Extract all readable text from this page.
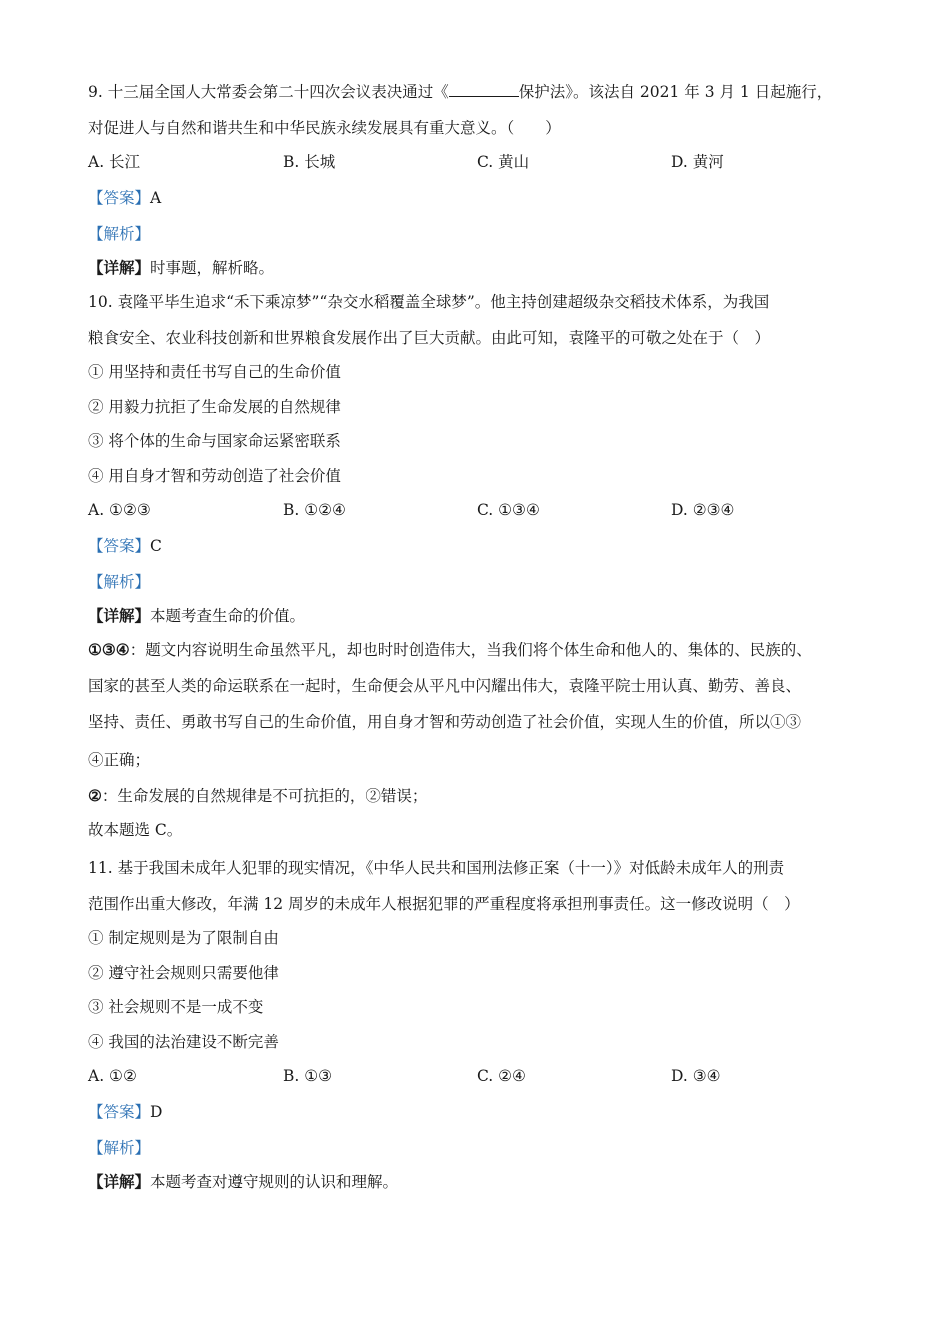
9. 十三届全国人大常委会第二十四次会议表决通过《	保护法》。该法自 2021 年 3 月 1 日起施行，
对促进人与自然和谐共生和中华民族永续发展具有重大意义。（　　）
A. 长江	B. 长城	C. 黄山	D. 黄河
【答案】A
【解析】
【详解】时事题，解析略。
10. 袁隆平毕生追求“禾下乘凉梦”“杂交水稻覆盖全球梦”。他主持创建超级杂交稻技术体系，为我国
粮食安全、农业科技创新和世界粮食发展作出了巨大贡献。由此可知，袁隆平的可敬之处在于（　）
① 用坚持和责任书写自己的生命价值
② 用毅力抗拒了生命发展的自然规律
③ 将个体的生命与国家命运紧密联系
④ 用自身才智和劳动创造了社会价值
A. ①②③	B. ①②④	C. ①③④	D. ②③④
【答案】C
【解析】
【详解】本题考查生命的价值。
①③④：题文内容说明生命虽然平凡，却也时时创造伟大，当我们将个体生命和他人的、集体的、民族的、
国家的甚至人类的命运联系在一起时，生命便会从平凡中闪耀出伟大，袁隆平院士用认真、勤劳、善良、
坚持、责任、勇敢书写自己的生命价值，用自身才智和劳动创造了社会价值，实现人生的价值，所以①③
④正确；
②：生命发展的自然规律是不可抗拒的，②错误；
故本题选 C。
11. 基于我国未成年人犯罪的现实情况，《中华人民共和国刑法修正案（十一）》对低龄未成年人的刑责
范围作出重大修改，年满 12 周岁的未成年人根据犯罪的严重程度将承担刑事责任。这一修改说明（　）
① 制定规则是为了限制自由
② 遵守社会规则只需要他律
③ 社会规则不是一成不变
④ 我国的法治建设不断完善
A. ①②	B. ①③	C. ②④	D. ③④
【答案】D
【解析】
【详解】本题考查对遵守规则的认识和理解。
